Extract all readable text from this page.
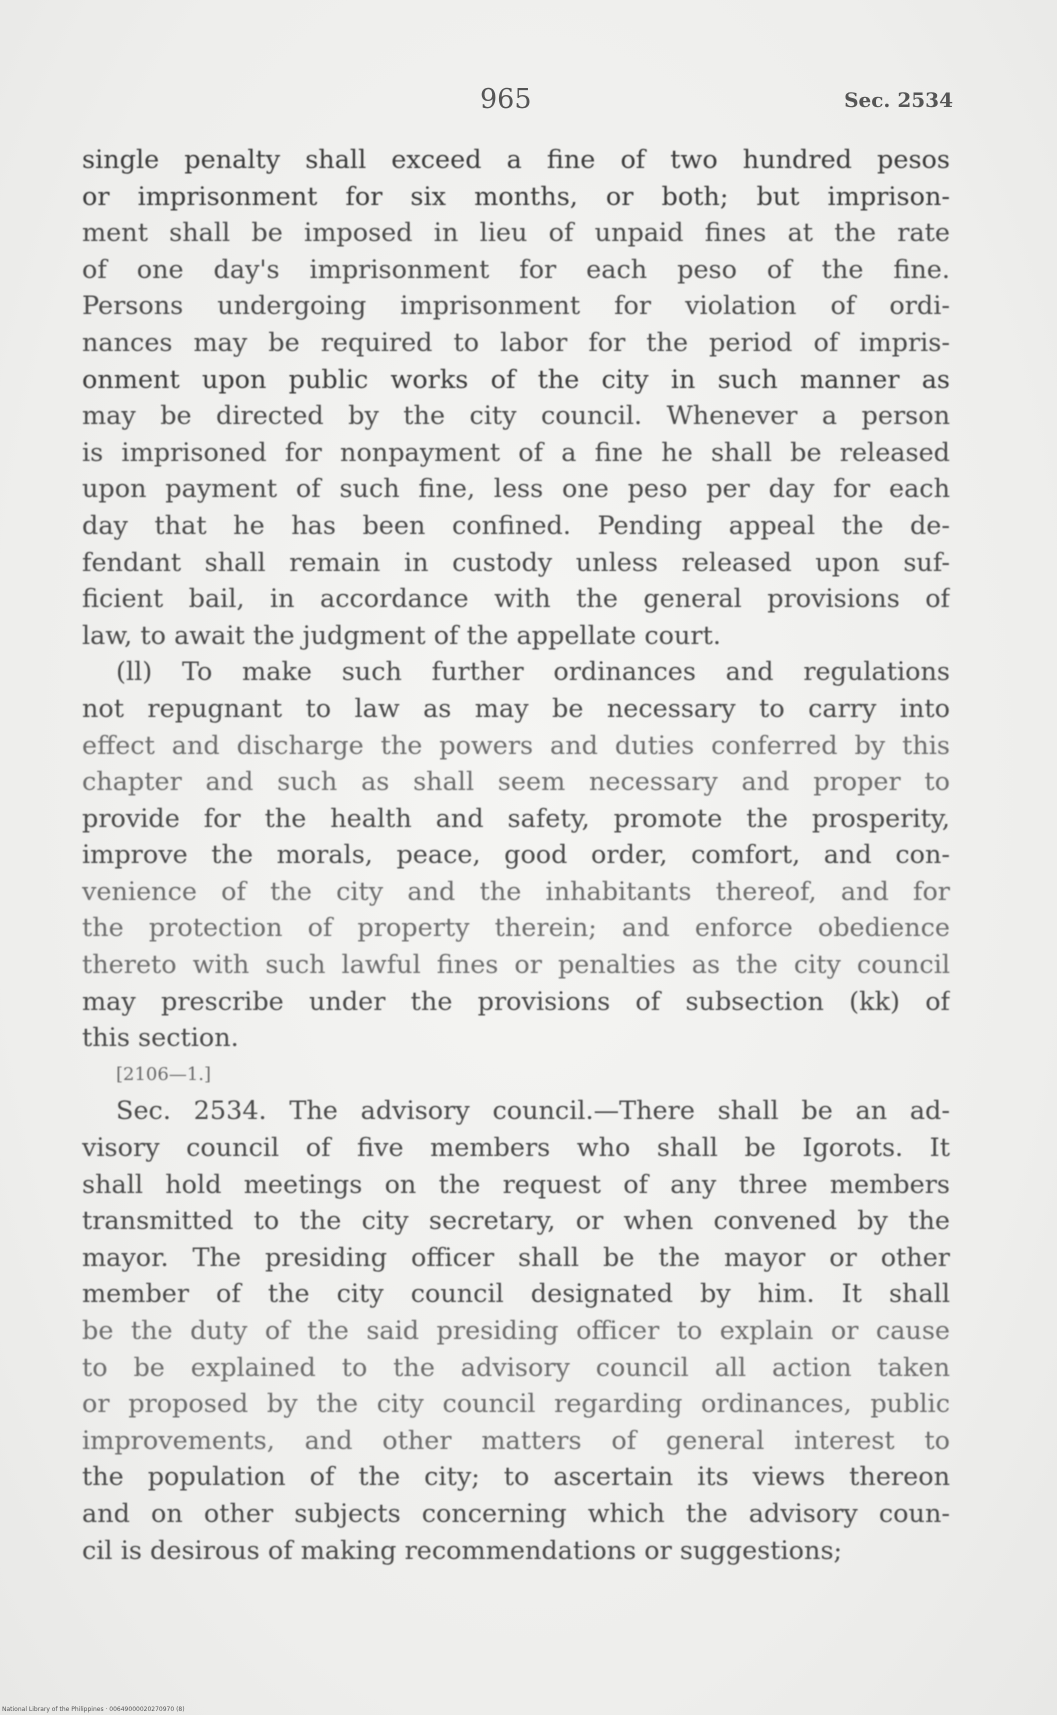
965	Sec. 2534
single penalty shall exceed a fine of two hundred pesos
or imprisonment for six months, or both; but imprison-
ment shall be imposed in lieu of unpaid fines at the rate
of one day's imprisonment for each peso of the fine.
Persons undergoing imprisonment for violation of ordi-
nances may be required to labor for the period of impris-
onment upon public works of the city in such manner as
may be directed by the city council. Whenever a person
is imprisoned for nonpayment of a fine he shall be released
upon payment of such fine, less one peso per day for each
day that he has been confined. Pending appeal the de-
fendant shall remain in custody unless released upon suf-
ficient bail, in accordance with the general provisions of
law, to await the judgment of the appellate court.
(ll) To make such further ordinances and regulations
not repugnant to law as may be necessary to carry into
effect and discharge the powers and duties conferred by this
chapter and such as shall seem necessary and proper to
provide for the health and safety, promote the prosperity,
improve the morals, peace, good order, comfort, and con-
venience of the city and the inhabitants thereof, and for
the protection of property therein; and enforce obedience
thereto with such lawful fines or penalties as the city council
may prescribe under the provisions of subsection (kk) of
this section.
[2106—1.]
Sec. 2534. The advisory council.—There shall be an ad-
visory council of five members who shall be Igorots. It
shall hold meetings on the request of any three members
transmitted to the city secretary, or when convened by the
mayor. The presiding officer shall be the mayor or other
member of the city council designated by him. It shall
be the duty of the said presiding officer to explain or cause
to be explained to the advisory council all action taken
or proposed by the city council regarding ordinances, public
improvements, and other matters of general interest to
the population of the city; to ascertain its views thereon
and on other subjects concerning which the advisory coun-
cil is desirous of making recommendations or suggestions;
National Library of the Philippines · 00649000020270970 (8)
